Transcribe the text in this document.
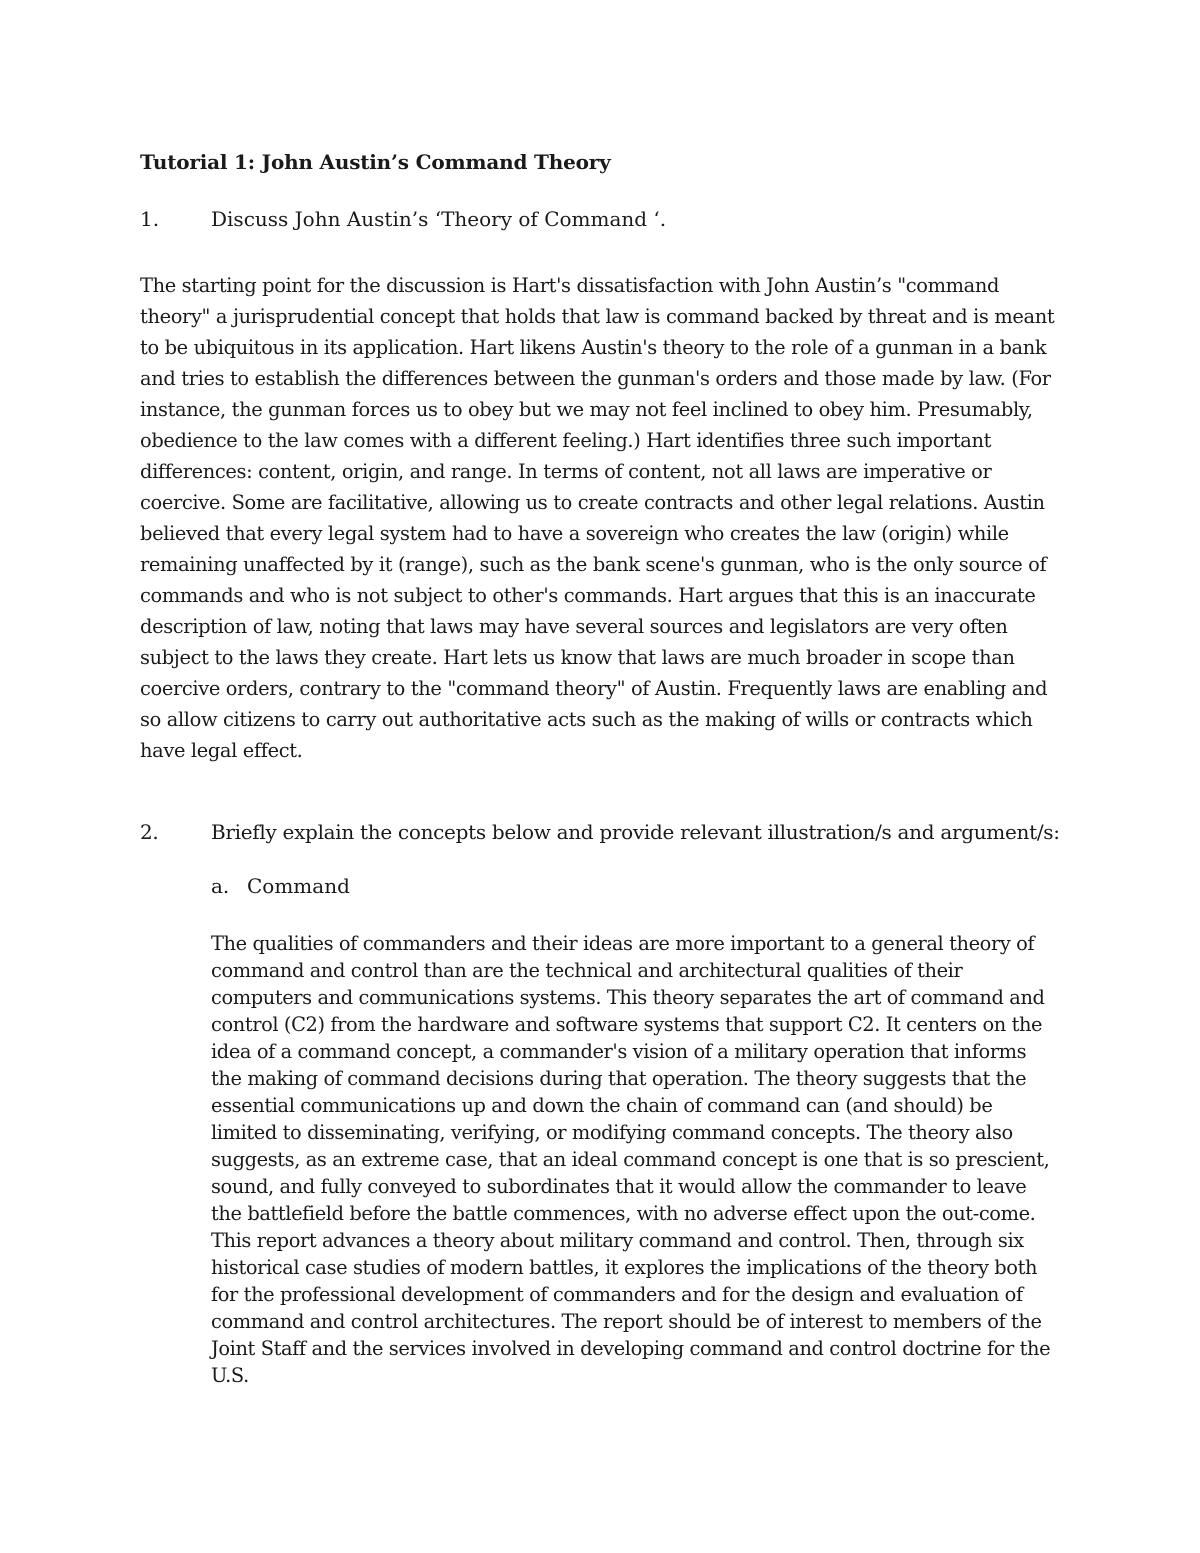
Tutorial 1: John Austin’s Command Theory
1.	Discuss John Austin’s ‘Theory of Command ‘.
The starting point for the discussion is Hart's dissatisfaction with John Austin’s "command theory" a jurisprudential concept that holds that law is command backed by threat and is meant to be ubiquitous in its application. Hart likens Austin's theory to the role of a gunman in a bank and tries to establish the differences between the gunman's orders and those made by law. (For instance, the gunman forces us to obey but we may not feel inclined to obey him. Presumably, obedience to the law comes with a different feeling.) Hart identifies three such important differences: content, origin, and range. In terms of content, not all laws are imperative or coercive. Some are facilitative, allowing us to create contracts and other legal relations. Austin believed that every legal system had to have a sovereign who creates the law (origin) while remaining unaffected by it (range), such as the bank scene's gunman, who is the only source of commands and who is not subject to other's commands. Hart argues that this is an inaccurate description of law, noting that laws may have several sources and legislators are very often subject to the laws they create. Hart lets us know that laws are much broader in scope than coercive orders, contrary to the "command theory" of Austin. Frequently laws are enabling and so allow citizens to carry out authoritative acts such as the making of wills or contracts which have legal effect.
2.	Briefly explain the concepts below and provide relevant illustration/s and argument/s:
a. Command
The qualities of commanders and their ideas are more important to a general theory of command and control than are the technical and architectural qualities of their computers and communications systems. This theory separates the art of command and control (C2) from the hardware and software systems that support C2. It centers on the idea of a command concept, a commander's vision of a military operation that informs the making of command decisions during that operation. The theory suggests that the essential communications up and down the chain of command can (and should) be limited to disseminating, verifying, or modifying command concepts. The theory also suggests, as an extreme case, that an ideal command concept is one that is so prescient, sound, and fully conveyed to subordinates that it would allow the commander to leave the battlefield before the battle commences, with no adverse effect upon the out-come. This report advances a theory about military command and control. Then, through six historical case studies of modern battles, it explores the implications of the theory both for the professional development of commanders and for the design and evaluation of command and control architectures. The report should be of interest to members of the Joint Staff and the services involved in developing command and control doctrine for the U.S.
